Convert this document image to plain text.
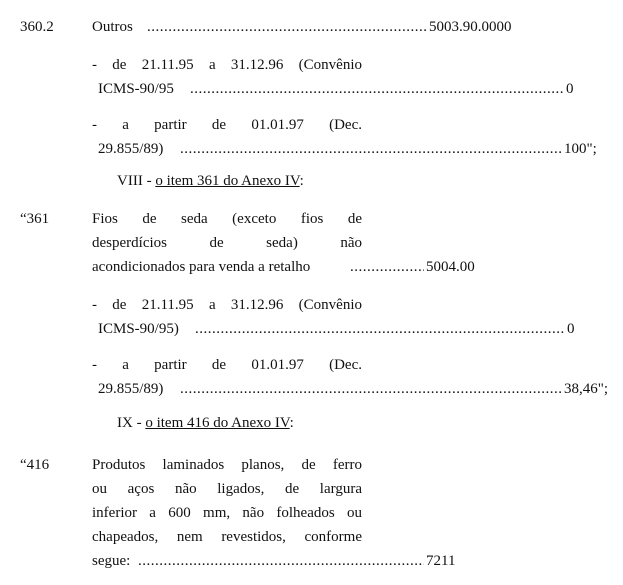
360.2	Outros .....	5003.90.0000
- de 21.11.95 a 31.12.96 (Convênio
ICMS-90/95 .....	0
- a partir de 01.01.97 (Dec.
29.855/89) .....	100";
VIII - o item 361 do Anexo IV:
“361	Fios de seda (exceto fios de
desperdícios de seda) não
acondicionados para venda a retalho .....	5004.00
- de 21.11.95 a 31.12.96 (Convênio
ICMS-90/95) .....	0
- a partir de 01.01.97 (Dec.
29.855/89) .....	38,46";
IX - o item 416 do Anexo IV:
“416	Produtos laminados planos, de ferro
ou aços não ligados, de largura
inferior a 600 mm, não folheados ou
chapeados, nem revestidos, conforme
segue: .....	7211
